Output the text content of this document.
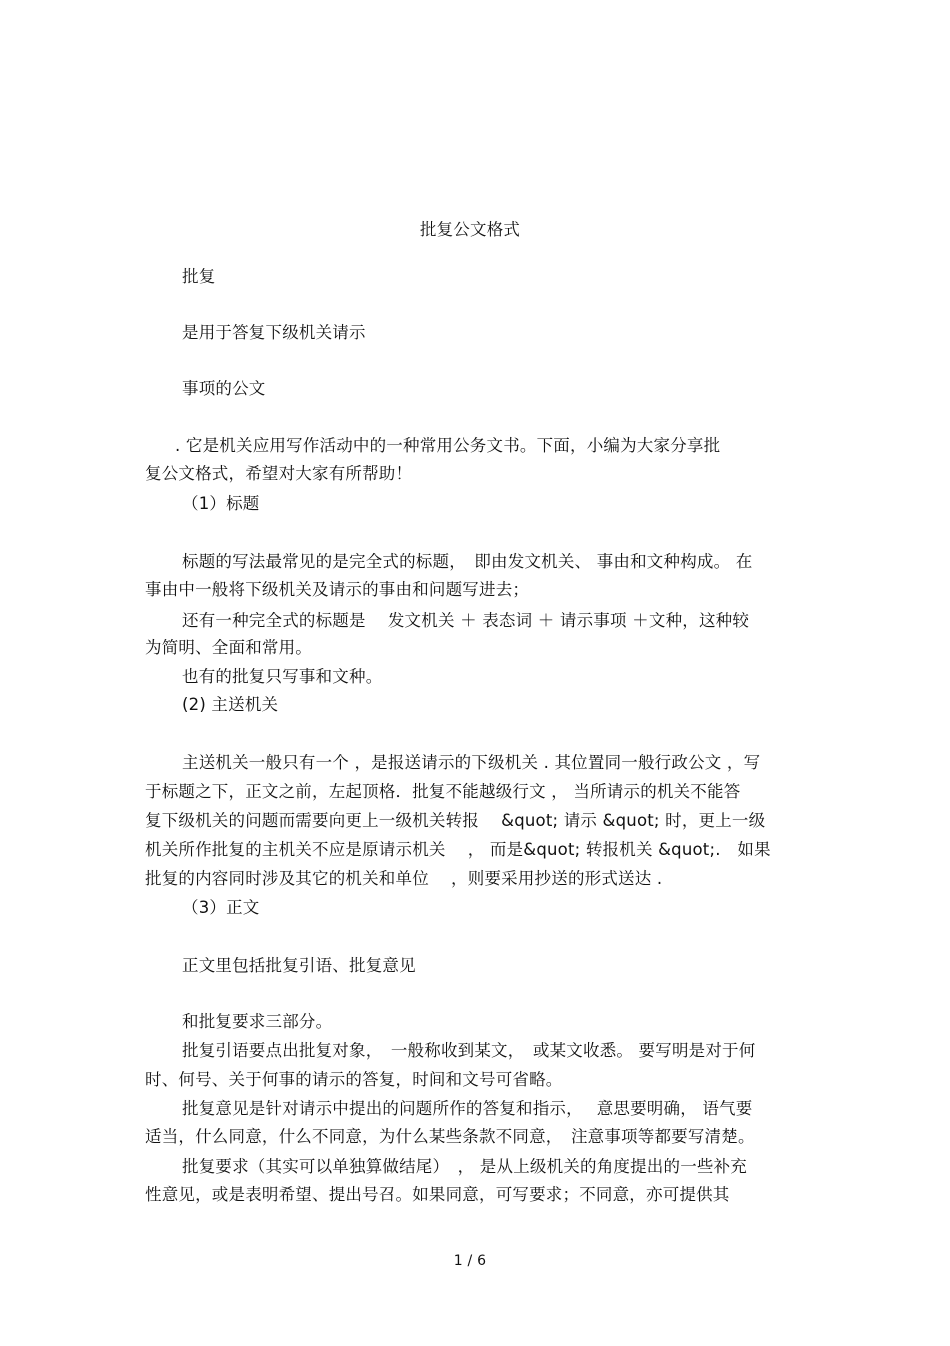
批复公文格式
批复
是用于答复下级机关请示
事项的公文
. 它是机关应用写作活动中的一种常用公务文书。下面，小编为大家分享批
复公文格式，希望对大家有所帮助！
（1）标题
标题的写法最常见的是完全式的标题，　即由发文机关、 事由和文种构成。 在
事由中一般将下级机关及请示的事由和问题写进去；
还有一种完全式的标题是　 发文机关 ＋ 表态词 ＋ 请示事项 ＋文种，这种较
为简明、全面和常用。
也有的批复只写事和文种。
(2) 主送机关
主送机关一般只有一个 ，是报送请示的下级机关 . 其位置同一般行政公文 ，写
于标题之下，正文之前，左起顶格．批复不能越级行文 ， 当所请示的机关不能答
复下级机关的问题而需要向更上一级机关转报　 &quot; 请示 &quot; 时，更上一级
机关所作批复的主机关不应是原请示机关　 ， 而是&quot; 转报机关 &quot;.　如果
批复的内容同时涉及其它的机关和单位　 ，则要采用抄送的形式送达 .
（3）正文
正文里包括批复引语、批复意见
和批复要求三部分。
批复引语要点出批复对象，　一般称收到某文，　或某文收悉。 要写明是对于何
时、何号、关于何事的请示的答复，时间和文号可省略。
批复意见是针对请示中提出的问题所作的答复和指示，　 意思要明确， 语气要
适当，什么同意，什么不同意，为什么某些条款不同意，　注意事项等都要写清楚。
批复要求（其实可以单独算做结尾）　， 是从上级机关的角度提出的一些补充
性意见，或是表明希望、提出号召。如果同意，可写要求；不同意，亦可提供其
1 / 6
